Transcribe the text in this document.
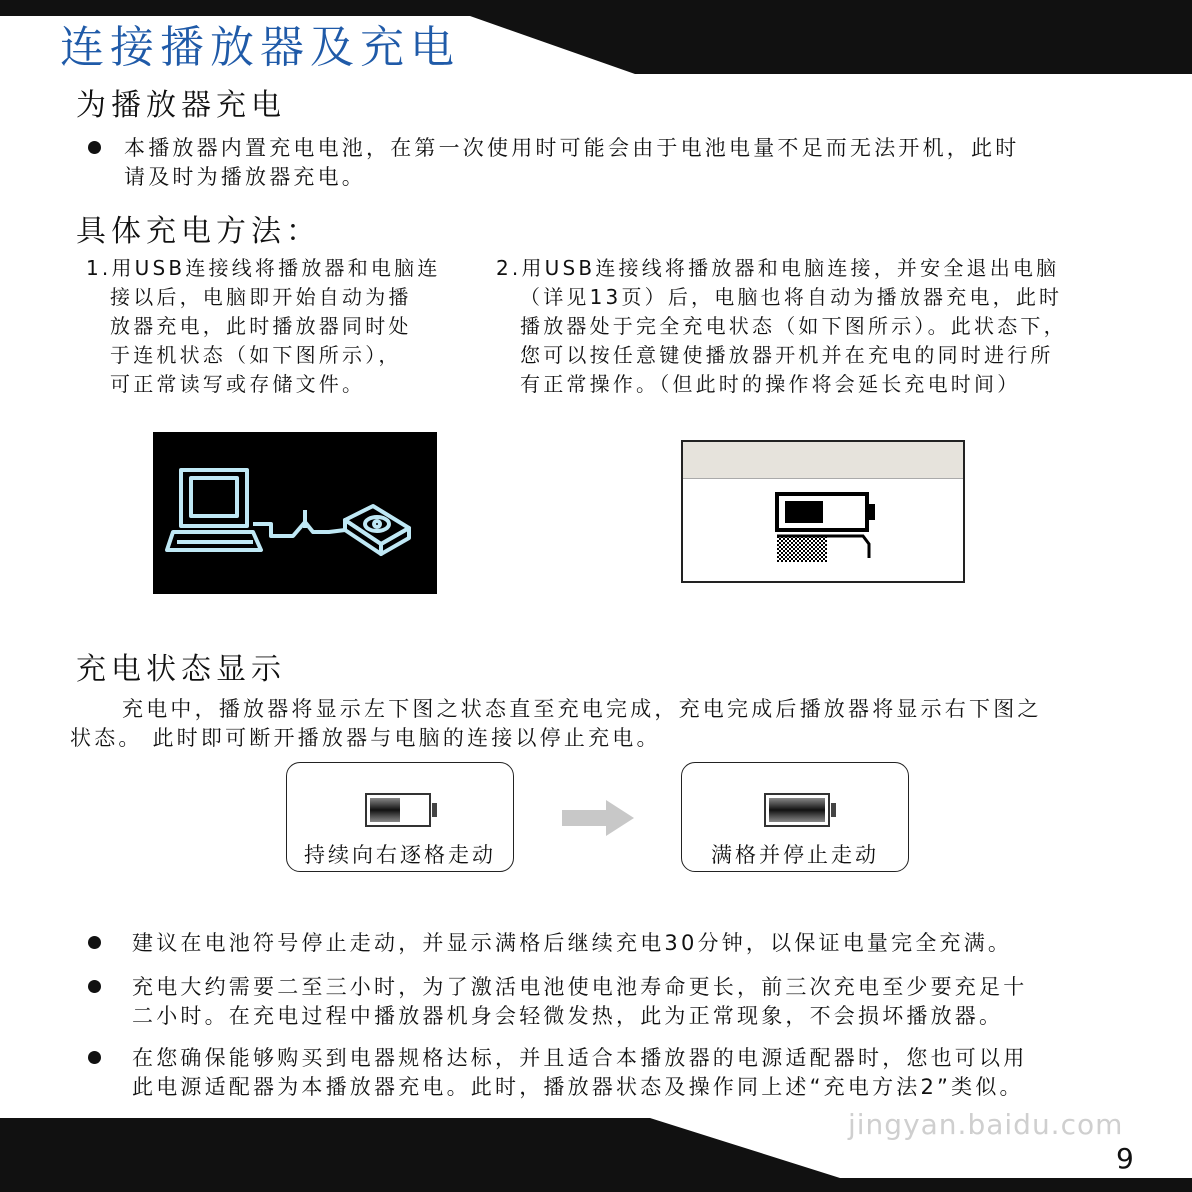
连接播放器及充电
为播放器充电
本播放器内置充电电池，在第一次使用时可能会由于电池电量不足而无法开机，此时
请及时为播放器充电。
具体充电方法：
1.用USB连接线将播放器和电脑连
接以后，电脑即开始自动为播
放器充电，此时播放器同时处
于连机状态（如下图所示），
可正常读写或存储文件。
2.用USB连接线将播放器和电脑连接，并安全退出电脑
（详见13页）后，电脑也将自动为播放器充电，此时
播放器处于完全充电状态（如下图所示）。此状态下，
您可以按任意键使播放器开机并在充电的同时进行所
有正常操作。（但此时的操作将会延长充电时间）
充电状态显示
充电中，播放器将显示左下图之状态直至充电完成，充电完成后播放器将显示右下图之
状态。 此时即可断开播放器与电脑的连接以停止充电。
持续向右逐格走动	满格并停止走动
建议在电池符号停止走动，并显示满格后继续充电30分钟，以保证电量完全充满。
充电大约需要二至三小时，为了激活电池使电池寿命更长，前三次充电至少要充足十
二小时。在充电过程中播放器机身会轻微发热，此为正常现象，不会损坏播放器。
在您确保能够购买到电器规格达标，并且适合本播放器的电源适配器时，您也可以用
此电源适配器为本播放器充电。此时，播放器状态及操作同上述“充电方法2”类似。
jingyan.baidu.com
9
